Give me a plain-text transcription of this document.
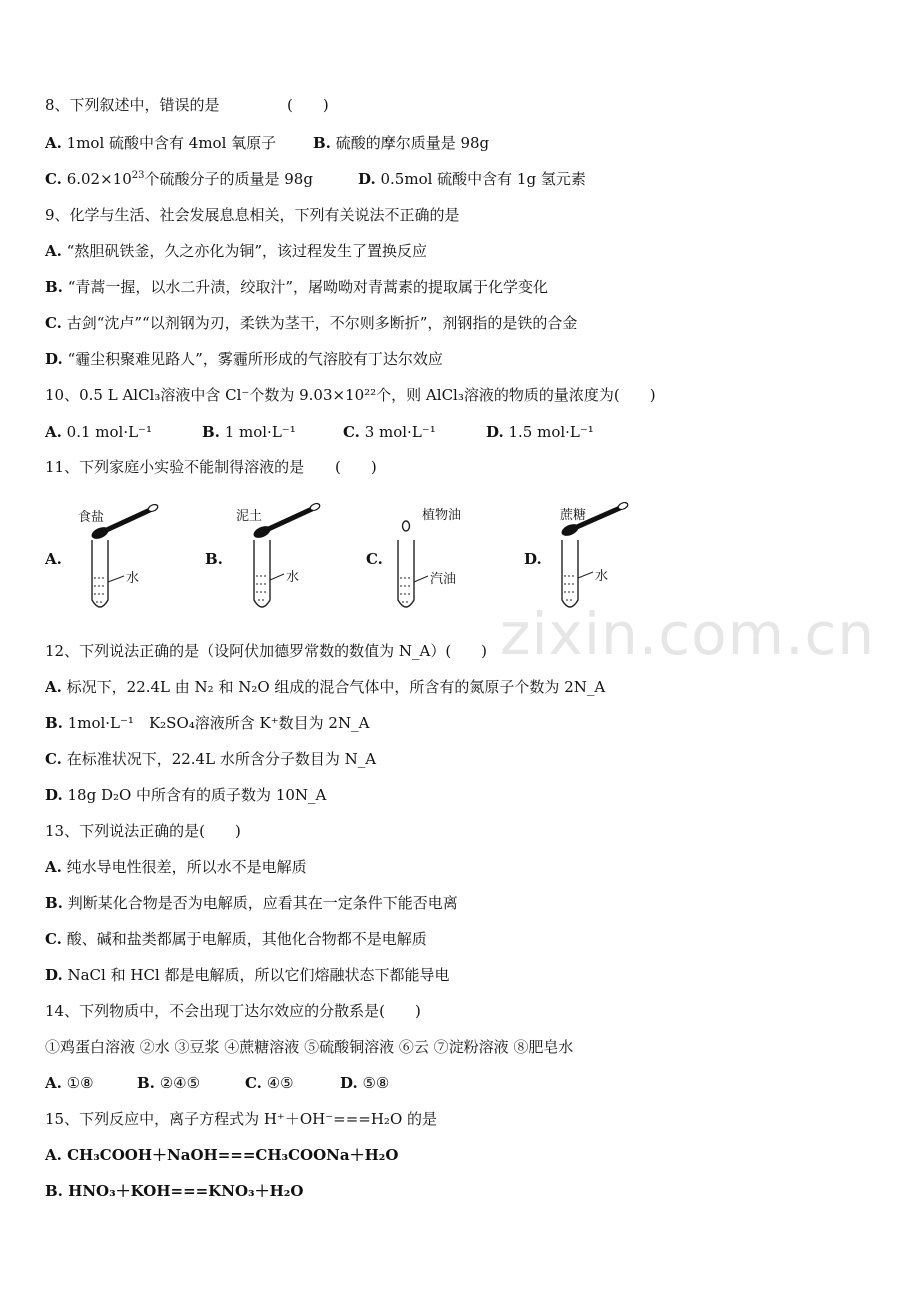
zixin.com.cn
8、下列叙述中，错误的是	(　　)
A. 1mol 硫酸中含有 4mol 氧原子 B. 硫酸的摩尔质量是 98g
C. $6.02\times 10^{23}$个硫酸分子的质量是 98g	D. 0.5mol 硫酸中含有 1g 氢元素
9、化学与生活、社会发展息息相关，下列有关说法不正确的是
A. “熬胆矾铁釜，久之亦化为铜”，该过程发生了置换反应
B. “青蒿一握，以水二升渍，绞取汁”，屠呦呦对青蒿素的提取属于化学变化
C. 古剑“沈卢”“以剂钢为刃，柔铁为茎干，不尔则多断折”，剂钢指的是铁的合金
D. “霾尘积聚难见路人”，雾霾所形成的气溶胶有丁达尔效应
10、0.5 L AlCl₃溶液中含 Cl⁻个数为 9.03×10²²个，则 AlCl₃溶液的物质的量浓度为(　　)
A. 0.1 mol·L⁻¹	B. 1 mol·L⁻¹	C. 3 mol·L⁻¹	D. 1.5 mol·L⁻¹
11、下列家庭小实验不能制得溶液的是 (　　)
A.	B.	C.	D.
食盐	泥土	植物油	蔗糖
水	水	汽油	水
12、下列说法正确的是（设阿伏加德罗常数的数值为 N_A）(　　)
A. 标况下，22.4L 由 N₂ 和 N₂O 组成的混合气体中，所含有的氮原子个数为 2N_A
B. 1mol·L⁻¹　K₂SO₄溶液所含 K⁺数目为 2N_A
C. 在标准状况下，22.4L 水所含分子数目为 N_A
D. 18g D₂O 中所含有的质子数为 10N_A
13、下列说法正确的是(　　)
A. 纯水导电性很差，所以水不是电解质
B. 判断某化合物是否为电解质，应看其在一定条件下能否电离
C. 酸、碱和盐类都属于电解质，其他化合物都不是电解质
D. NaCl 和 HCl 都是电解质，所以它们熔融状态下都能导电
14、下列物质中，不会出现丁达尔效应的分散系是(　　)
①鸡蛋白溶液 ②水 ③豆浆 ④蔗糖溶液 ⑤硫酸铜溶液 ⑥云 ⑦淀粉溶液 ⑧肥皂水
A. ①⑧	B. ②④⑤	C. ④⑤	D. ⑤⑧
15、下列反应中，离子方程式为 H⁺＋OH⁻===H₂O 的是
A. CH₃COOH＋NaOH===CH₃COONa＋H₂O
B. HNO₃＋KOH===KNO₃＋H₂O
